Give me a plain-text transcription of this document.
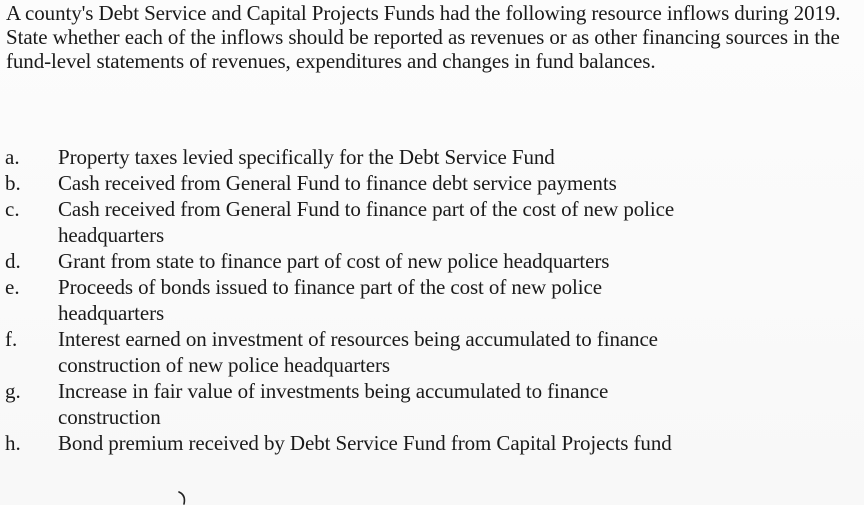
A county's Debt Service and Capital Projects Funds had the following resource inflows during 2019. State whether each of the inflows should be reported as revenues or as other financing sources in the fund-level statements of revenues, expenditures and changes in fund balances.

a.	Property taxes levied specifically for the Debt Service Fund
b.	Cash received from General Fund to finance debt service payments
c.	Cash received from General Fund to finance part of the cost of new police headquarters
d.	Grant from state to finance part of cost of new police headquarters
e.	Proceeds of bonds issued to finance part of the cost of new police headquarters
f.	Interest earned on investment of resources being accumulated to finance construction of new police headquarters
g.	Increase in fair value of investments being accumulated to finance construction
h.	Bond premium received by Debt Service Fund from Capital Projects fund
